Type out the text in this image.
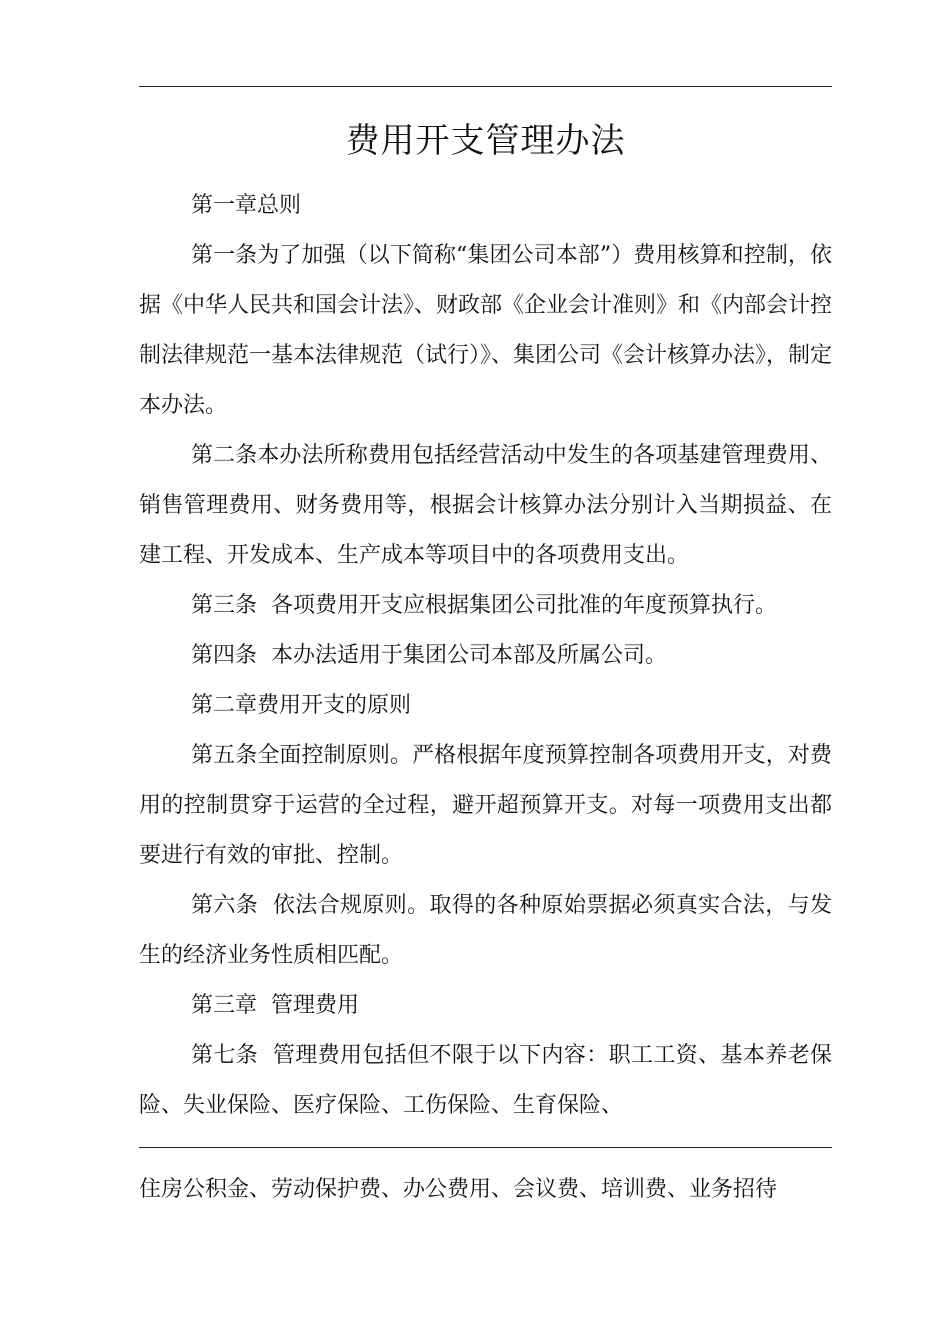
费用开支管理办法

第一章总则

第一条为了加强（以下简称“集团公司本部”）费用核算和控制，依据《中华人民共和国会计法》、财政部《企业会计准则》和《内部会计控制法律规范一基本法律规范（试行）》、集团公司《会计核算办法》，制定本办法。

第二条本办法所称费用包括经营活动中发生的各项基建管理费用、销售管理费用、财务费用等，根据会计核算办法分别计入当期损益、在建工程、开发成本、生产成本等项目中的各项费用支出。

第三条  各项费用开支应根据集团公司批准的年度预算执行。

第四条  本办法适用于集团公司本部及所属公司。

第二章费用开支的原则

第五条全面控制原则。严格根据年度预算控制各项费用开支，对费用的控制贯穿于运营的全过程，避开超预算开支。对每一项费用支出都要进行有效的审批、控制。

第六条  依法合规原则。取得的各种原始票据必须真实合法，与发生的经济业务性质相匹配。

第三章  管理费用

第七条  管理费用包括但不限于以下内容：职工工资、基本养老保险、失业保险、医疗保险、工伤保险、生育保险、

住房公积金、劳动保护费、办公费用、会议费、培训费、业务招待
